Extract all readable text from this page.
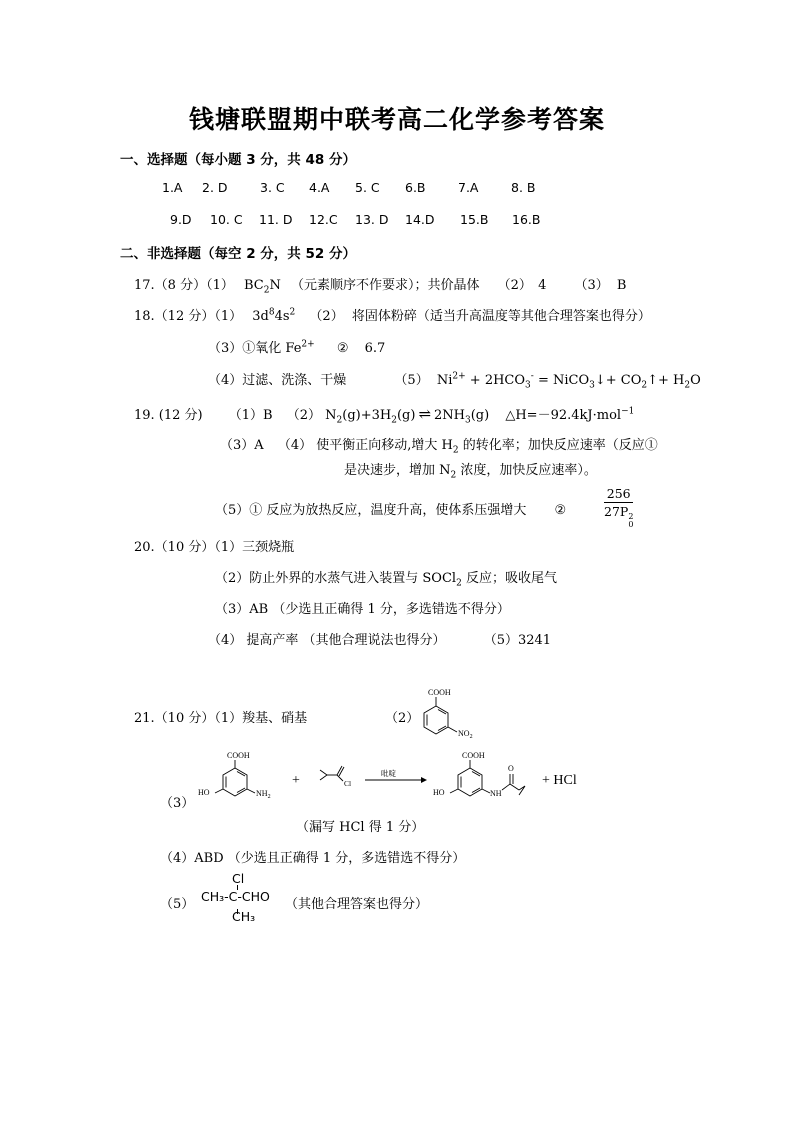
钱塘联盟期中联考高二化学参考答案
一、选择题（每小题 3 分，共 48 分）
1.A 2. D	3. C 4.A 5. C 6.B	7.A	8. B
9.D 10. C 11. D 12.C 13. D 14.D 15.B 16.B
二、非选择题（每空 2 分，共 52 分）
17.（8 分）（1） $BC_2N$ （元素顺序不作要求）；共价晶体 （2） 4 （3） B
18.（12 分）（1） $3d^84s^2$ （2） 将固体粉碎（适当升高温度等其他合理答案也得分）
（3）①氧化 $Fe^{2+}$ ② 6.7
（4）过滤、洗涤、干燥	（5） $Ni^{2+} + 2HCO_3^-$ = NiCO$_3$↓+ $CO_2↑+ H_2O$
19. (12 分) （1）B （2） $N_2(g)+3H_2(g)$ ⇌ $2NH_3(g)$ △H=－92.4kJ·mol$^{-1}$
（3）A （4） 使平衡正向移动,增大 $H_2$ 的转化率；加快反应速率（反应①
是决速步，增加 $N_2$ 浓度，加快反应速率）。
（5）① 反应为放热反应，温度升高，使体系压强增大 ②	256
27P 2
0
20.（10 分）（1）三颈烧瓶
（2）防止外界的水蒸气进入装置与 SOCl$_2$ 反应；吸收尾气
（3）AB （少选且正确得 1 分，多选错选不得分）
（4） 提高产率 （其他合理说法也得分）	（5）3241
21.（10 分）（1）羧基、硝基	（2）
COOH
$NO_2$
（3）
COOH
HO	$NH_2$
+	Cl
吡啶
COOH
HO	NH
O
+ HCl
（漏写 HCl 得 1 分）
（4）ABD （少选且正确得 1 分，多选错选不得分）
（5）
Cl
CH₃-C-CHO
CH₃
（其他合理答案也得分）
